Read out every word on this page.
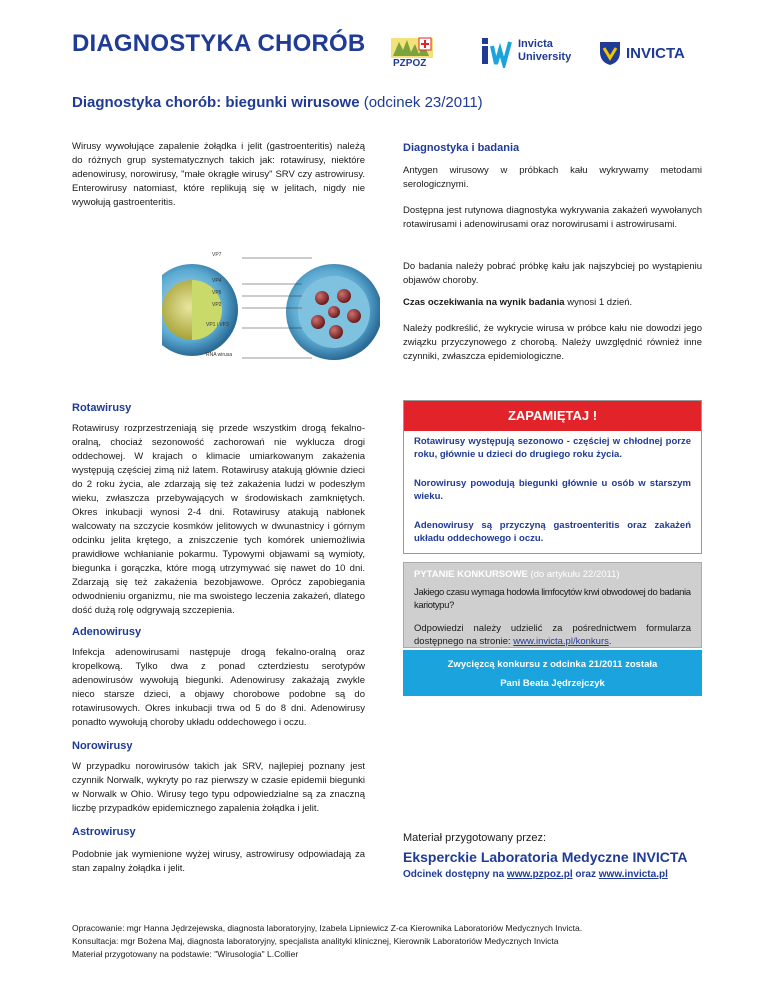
DIAGNOSTYKA CHORÓB
PZPOZ
Invicta
University	INVICTA
Diagnostyka chorób: biegunki wirusowe (odcinek 23/2011)
Wirusy wywołujące zapalenie żołądka i jelit (gastroenteritis) należą do różnych grup systematycznych takich jak: rotawirusy, niektóre adenowirusy, norowirusy, "małe okrągłe wirusy" SRV czy astrowirusy. Enterowirusy natomiast, które replikują się w jelitach, nigdy nie wywołują gastroenteritis.
VP7
VP4
VP6
VP2
VP1 i VP3
RNA wirusa
Rotawirusy
Rotawirusy rozprzestrzeniają się przede wszystkim drogą fekalno-oralną, chociaż sezonowość zachorowań nie wyklucza drogi oddechowej. W krajach o klimacie umiarkowanym zakażenia występują częściej zimą niż latem. Rotawirusy atakują głównie dzieci do 2 roku życia, ale zdarzają się też zakażenia ludzi w podeszłym wieku, zwłaszcza przebywających w środowiskach zamkniętych. Okres inkubacji wynosi 2-4 dni. Rotawirusy atakują nabłonek walcowaty na szczycie kosmków jelitowych w dwunastnicy i górnym odcinku jelita krętego, a zniszczenie tych komórek uniemożliwia prawidłowe wchłanianie pokarmu. Typowymi objawami są wymioty, biegunka i gorączka, które mogą utrzymywać się nawet do 10 dni. Zdarzają się też zakażenia bezobjawowe. Oprócz zapobiegania odwodnieniu organizmu, nie ma swoistego leczenia zakażeń, dlatego dość dużą rolę odgrywają szczepienia.
Adenowirusy
Infekcja adenowirusami następuje drogą fekalno-oralną oraz kropelkową. Tylko dwa z ponad czterdziestu serotypów adenowirusów wywołują biegunki. Adenowirusy zakażają zwykle nieco starsze dzieci, a objawy chorobowe podobne są do rotawirusowych. Okres inkubacji trwa od 5 do 8 dni. Adenowirusy ponadto wywołują choroby układu oddechowego i oczu.
Norowirusy
W przypadku norowirusów takich jak SRV, najlepiej poznany jest czynnik Norwalk, wykryty po raz pierwszy w czasie epidemii biegunki w Norwalk w Ohio. Wirusy tego typu odpowiedzialne są za znaczną liczbę przypadków epidemicznego zapalenia żołądka i jelit.
Astrowirusy
Podobnie jak wymienione wyżej wirusy, astrowirusy odpowiadają za stan zapalny żołądka i jelit.
Diagnostyka i badania
Antygen wirusowy w próbkach kału wykrywamy metodami serologicznymi.
Dostępna jest rutynowa diagnostyka wykrywania zakażeń wywołanych rotawirusami i adenowirusami oraz norowirusami i astrowirusami.
Do badania należy pobrać próbkę kału jak najszybciej po wystąpieniu objawów choroby.
Czas oczekiwania na wynik badania wynosi 1 dzień.
Należy podkreślić, że wykrycie wirusa w próbce kału nie dowodzi jego związku przyczynowego z chorobą. Należy uwzględnić również inne czynniki, zwłaszcza epidemiologiczne.
ZAPAMIĘTAJ !
Rotawirusy występują sezonowo - częściej w chłodnej porze roku, głównie u dzieci do drugiego roku życia.
Norowirusy powodują biegunki głównie u osób w starszym wieku.
Adenowirusy są przyczyną gastroenteritis oraz zakażeń układu oddechowego i oczu.
PYTANIE KONKURSOWE (do artykułu 22/2011)
Jakiego czasu wymaga hodowla limfocytów krwi obwodowej do badania kariotypu?
Odpowiedzi należy udzielić za pośrednictwem formularza dostępnego na stronie: www.invicta.pl/konkurs.
Zwycięzcą konkursu z odcinka 21/2011 została
Pani Beata Jędrzejczyk
Materiał przygotowany przez:
Eksperckie Laboratoria Medyczne INVICTA
Odcinek dostępny na www.pzpoz.pl oraz www.invicta.pl
Opracowanie: mgr Hanna Jędrzejewska, diagnosta laboratoryjny, Izabela Lipniewicz Z-ca Kierownika Laboratoriów Medycznych Invicta.
Konsultacja: mgr Bożena Maj, diagnosta laboratoryjny, specjalista analityki klinicznej, Kierownik Laboratoriów Medycznych Invicta
Materiał przygotowany na podstawie: "Wirusologia" L.Collier
